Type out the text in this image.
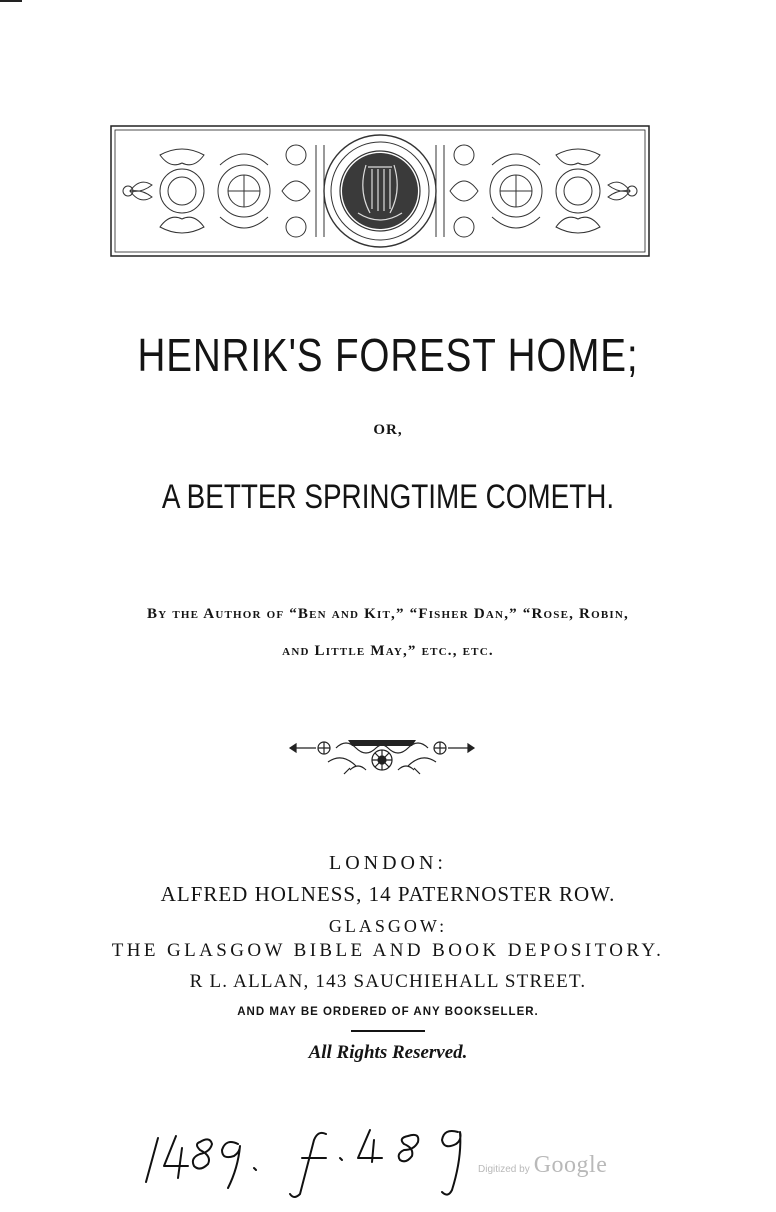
HENRIK'S FOREST HOME;
OR,
A BETTER SPRINGTIME COMETH.
By the Author of “Ben and Kit,” “Fisher Dan,” “Rose, Robin,
and Little May,” etc., etc.
LONDON:
ALFRED HOLNESS, 14 PATERNOSTER ROW.
GLASGOW:
THE GLASGOW BIBLE AND BOOK DEPOSITORY.
R L. ALLAN, 143 SAUCHIEHALL STREET.
AND MAY BE ORDERED OF ANY BOOKSELLER.
All Rights Reserved.
Digitized by Google
